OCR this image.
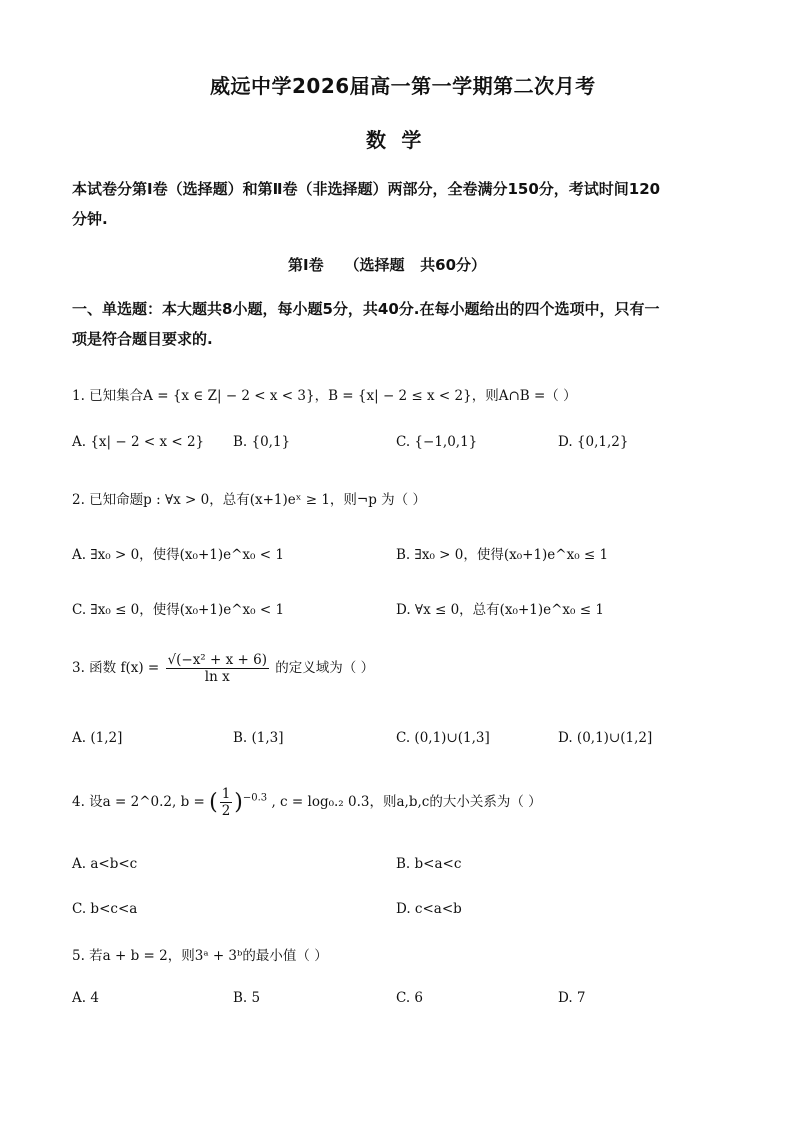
威远中学2026届高一第一学期第二次月考
数  学
本试卷分第Ⅰ卷（选择题）和第Ⅱ卷（非选择题）两部分，全卷满分150分，考试时间120
分钟.
第Ⅰ卷    （选择题   共60分）
一、单选题：本大题共8小题，每小题5分，共40分.在每小题给出的四个选项中，只有一
项是符合题目要求的.
1. 已知集合A = {x ∈ Z| − 2 < x < 3}，B = {x| − 2 ≤ x < 2}，则A∩B =（ ）
A. {x| − 2 < x < 2} B. {0,1}	C. {−1,0,1}	D. {0,1,2}
2. 已知命题p : ∀x > 0，总有(x+1)eˣ ≥ 1，则¬p 为（ ）
A. ∃x₀ > 0，使得(x₀+1)e^x₀ < 1	B. ∃x₀ > 0，使得(x₀+1)e^x₀ ≤ 1
C. ∃x₀ ≤ 0，使得(x₀+1)e^x₀ < 1	D. ∀x ≤ 0，总有(x₀+1)e^x₀ ≤ 1
3. 函数 $f(x) = \frac{\text{√(−x² + x + 6)}}{\text{ln x}}$ 的定义域为（ ）
A. (1,2]	B. (1,3]	C. (0,1)∪(1,3]	D. (0,1)∪(1,2]
4. 设a = 2^0.2, b = ( $\frac{1}{2} )^{-0.3}$ , c = log₀.₂ 0.3，则a,b,c的大小关系为（ ）
A. a<b<c	B. b<a<c
C. b<c<a	D. c<a<b
5. 若a + b = 2，则3ᵃ + 3ᵇ的最小值（ ）
A. 4	B. 5	C. 6	D. 7
